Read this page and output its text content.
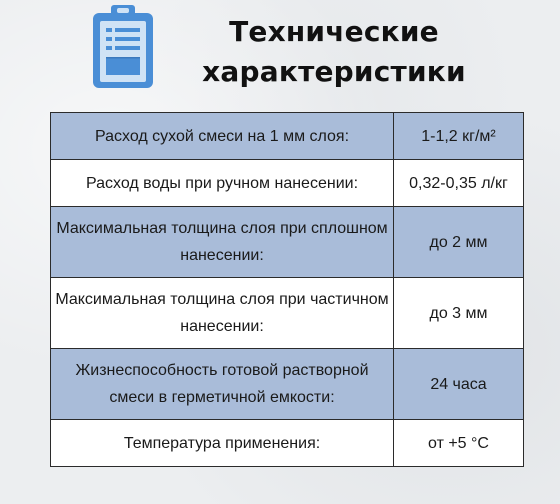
Технические
характеристики
Расход сухой смеси на 1 мм слоя:	1-1,2 кг/м²
Расход воды при ручном нанесении:	0,32-0,35 л/кг
Максимальная толщина слоя при сплошном нанесении:	до 2 мм
Максимальная толщина слоя при частичном нанесении:	до 3 мм
Жизнеспособность готовой растворной смеси в герметичной емкости:	24 часа
Температура применения:	от +5 °C
